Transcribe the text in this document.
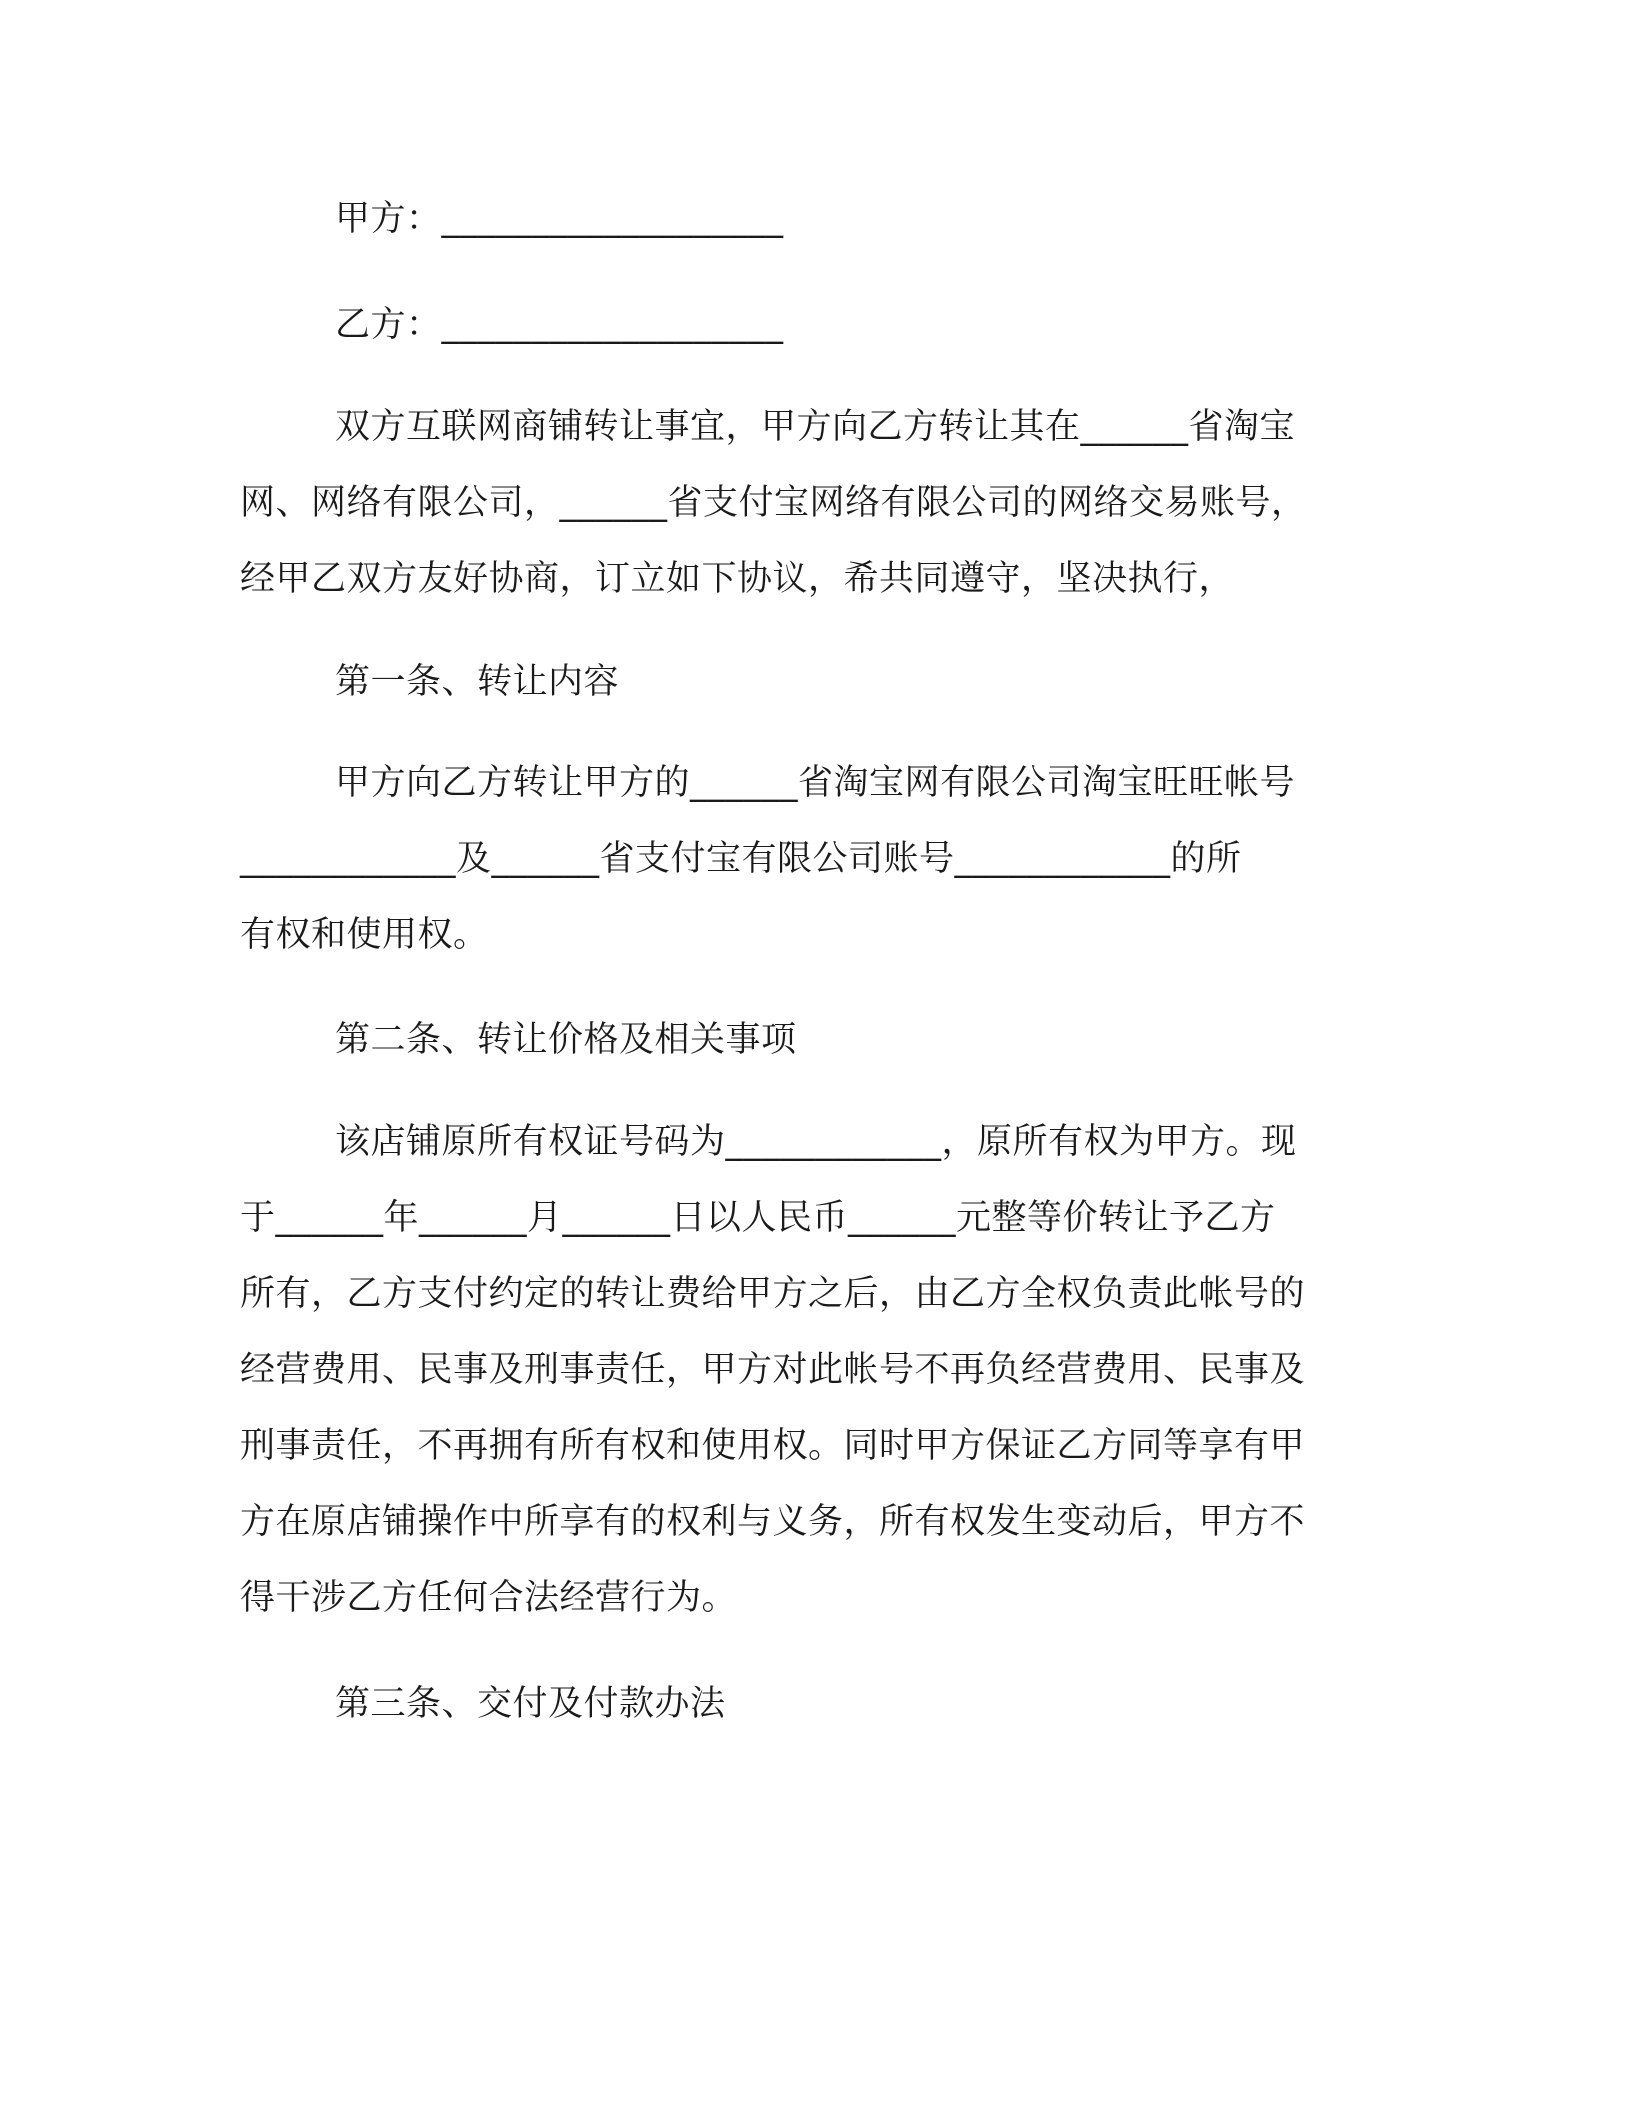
甲方：___________________
乙方：___________________
双方互联网商铺转让事宜，甲方向乙方转让其在______省淘宝
网、网络有限公司，______省支付宝网络有限公司的网络交易账号，
经甲乙双方友好协商，订立如下协议，希共同遵守，坚决执行，
第一条、转让内容
甲方向乙方转让甲方的______省淘宝网有限公司淘宝旺旺帐号
____________及______省支付宝有限公司账号____________的所
有权和使用权。
第二条、转让价格及相关事项
该店铺原所有权证号码为____________，原所有权为甲方。现
于______年______月______日以人民币______元整等价转让予乙方
所有，乙方支付约定的转让费给甲方之后，由乙方全权负责此帐号的
经营费用、民事及刑事责任，甲方对此帐号不再负经营费用、民事及
刑事责任，不再拥有所有权和使用权。同时甲方保证乙方同等享有甲
方在原店铺操作中所享有的权利与义务，所有权发生变动后，甲方不
得干涉乙方任何合法经营行为。
第三条、交付及付款办法
